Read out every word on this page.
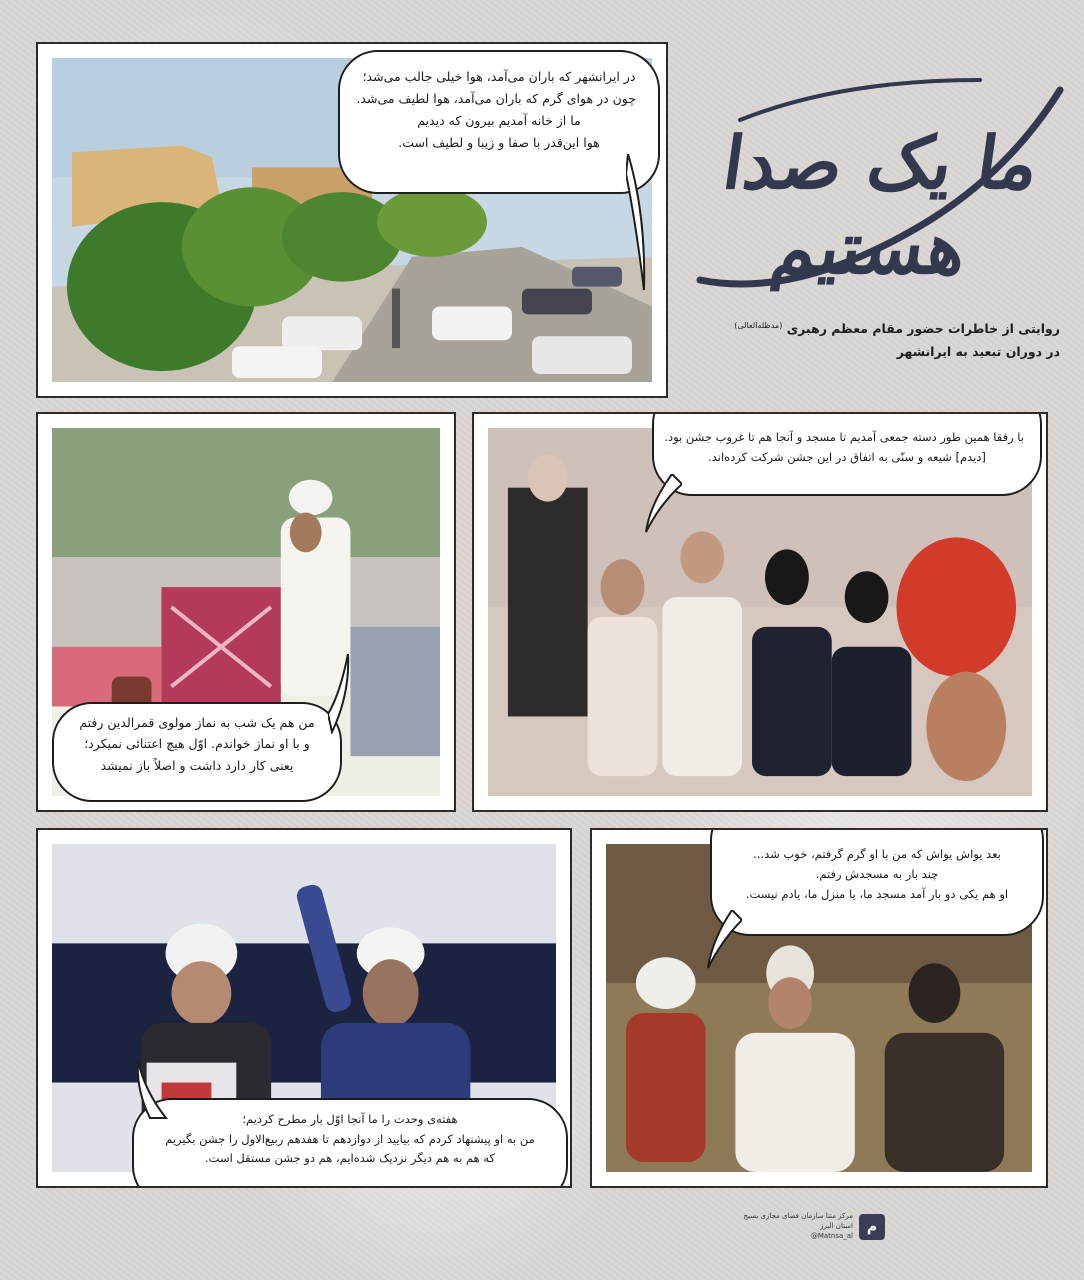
در ایرانشهر که باران می‌آمد، هوا خیلی جالب می‌شد؛
چون در هوای گرم که باران می‌آمد، هوا لطیف می‌شد.
ما از خانه آمدیم بیرون که دیدیم
هوا این‌قدر با صفا و زیبا و لطیف است.	ما یک صدا هستیم
روایتی از خاطرات حضور مقام معظم رهبری $^{(مدظله‌العالی)}$
در دوران تبعید به ایرانشهر
من هم یک شب به نماز مولوی قمرالدین رفتم
و با او نماز خواندم. اوّل هیچ اعتنائی نمیکرد؛
یعنی کار دارد داشت و اصلاً باز نمیشد
با رفقا همین طور دسته جمعی آمدیم تا مسجد و آنجا هم تا غروب جشن بود.
[دیدم] شیعه و سنّی به اتفاق در این جشن شرکت کرده‌اند.
هفته‌ی وحدت را ما آنجا اوّل بار مطرح کردیم؛
من به او پیشنهاد کردم که بیایید از دوازدهم تا هفدهم ربیع‌الاول را جشن بگیریم
که هم به هم دیگر نزدیک شده‌ایم، هم دو جشن مستقل است.
بعد یواش یواش که من با او گرم گرفتم، خوب شد...
چند بار به مسجدش رفتم.
او هم یکی دو بار آمد مسجد ما، یا منزل ما، یادم نیست.
م
مرکز متنا سازمان فضای مجازی بسیج
استان البرز
@Matnsa_al
